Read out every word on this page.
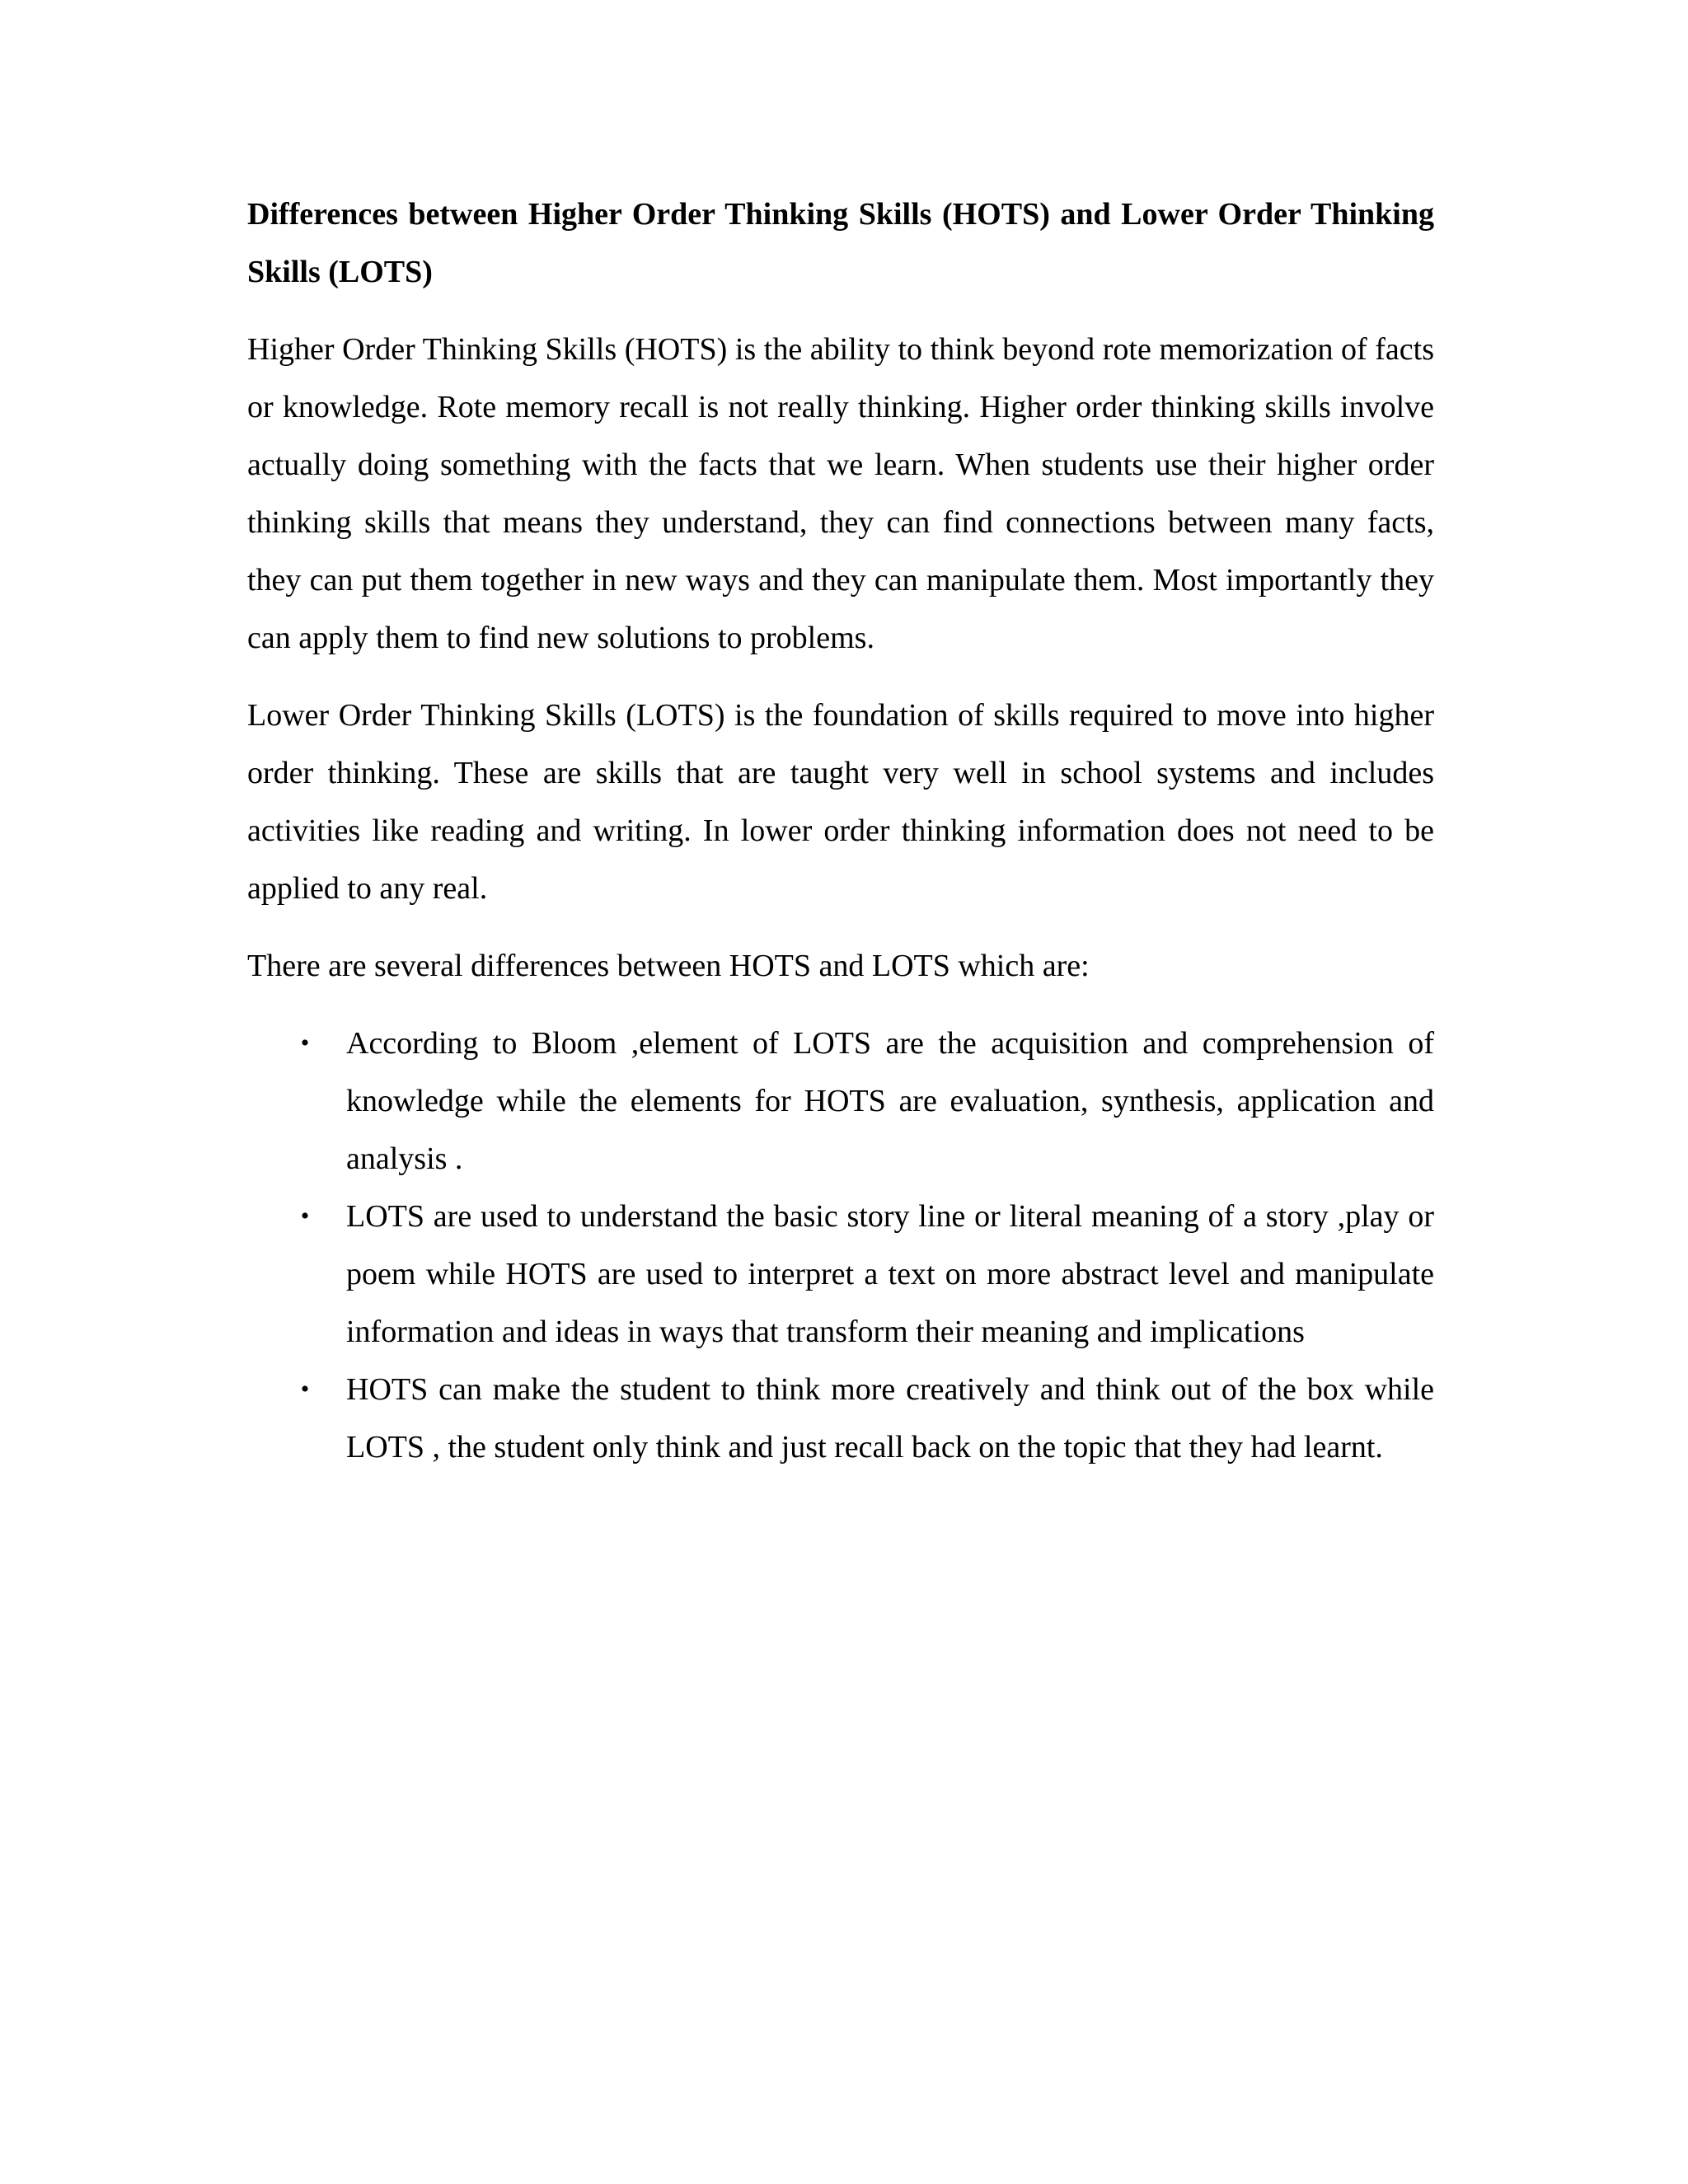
Differences between Higher Order Thinking Skills (HOTS) and Lower Order Thinking Skills (LOTS)

Higher Order Thinking Skills (HOTS) is the ability to think beyond rote memorization of facts or knowledge. Rote memory recall is not really thinking. Higher order thinking skills involve actually doing something with the facts that we learn. When students use their higher order thinking skills that means they understand, they can find connections between many facts, they can put them together in new ways and they can manipulate them. Most importantly they can apply them to find new solutions to problems.

Lower Order Thinking Skills (LOTS) is the foundation of skills required to move into higher order thinking. These are skills that are taught very well in school systems and includes activities like reading and writing. In lower order thinking information does not need to be applied to any real.

There are several differences between HOTS and LOTS which are:

• According to Bloom ,element of LOTS are the acquisition and comprehension of knowledge while the elements for HOTS are evaluation, synthesis, application and analysis .
• LOTS are used to understand the basic story line or literal meaning of a story ,play or poem while HOTS are used to interpret a text on more abstract level and manipulate information and ideas in ways that transform their meaning and implications
• HOTS can make the student to think more creatively and think out of the box while LOTS , the student only think and just recall back on the topic that they had learnt.
